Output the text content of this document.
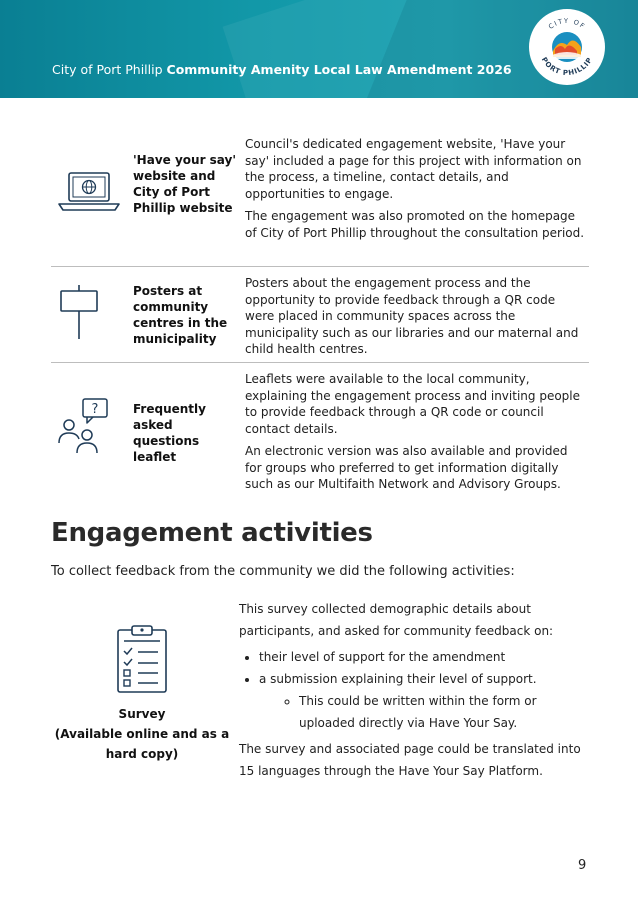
City of Port Phillip Community Amenity Local Law Amendment 2026
CITY OF
PORT PHILLIP
'Have your say' website and City of Port Phillip website

Council's dedicated engagement website, 'Have your say' included a page for this project with information on the process, a timeline, contact details, and opportunities to engage.

The engagement was also promoted on the homepage of City of Port Phillip throughout the consultation period.

Posters at community centres in the municipality

Posters about the engagement process and the opportunity to provide feedback through a QR code were placed in community spaces across the municipality such as our libraries and our maternal and child health centres.

?	Frequently asked questions leaflet

Leaflets were available to the local community, explaining the engagement process and inviting people to provide feedback through a QR code or council contact details.

An electronic version was also available and provided for groups who preferred to get information digitally such as our Multifaith Network and Advisory Groups.

Engagement activities
To collect feedback from the community we did the following activities:
Survey
(Available online and as a hard copy)

This survey collected demographic details about participants, and asked for community feedback on:

• their level of support for the amendment
• a submission explaining their level of support.
◦ This could be written within the form or uploaded directly via Have Your Say.

The survey and associated page could be translated into 15 languages through the Have Your Say Platform.

9
